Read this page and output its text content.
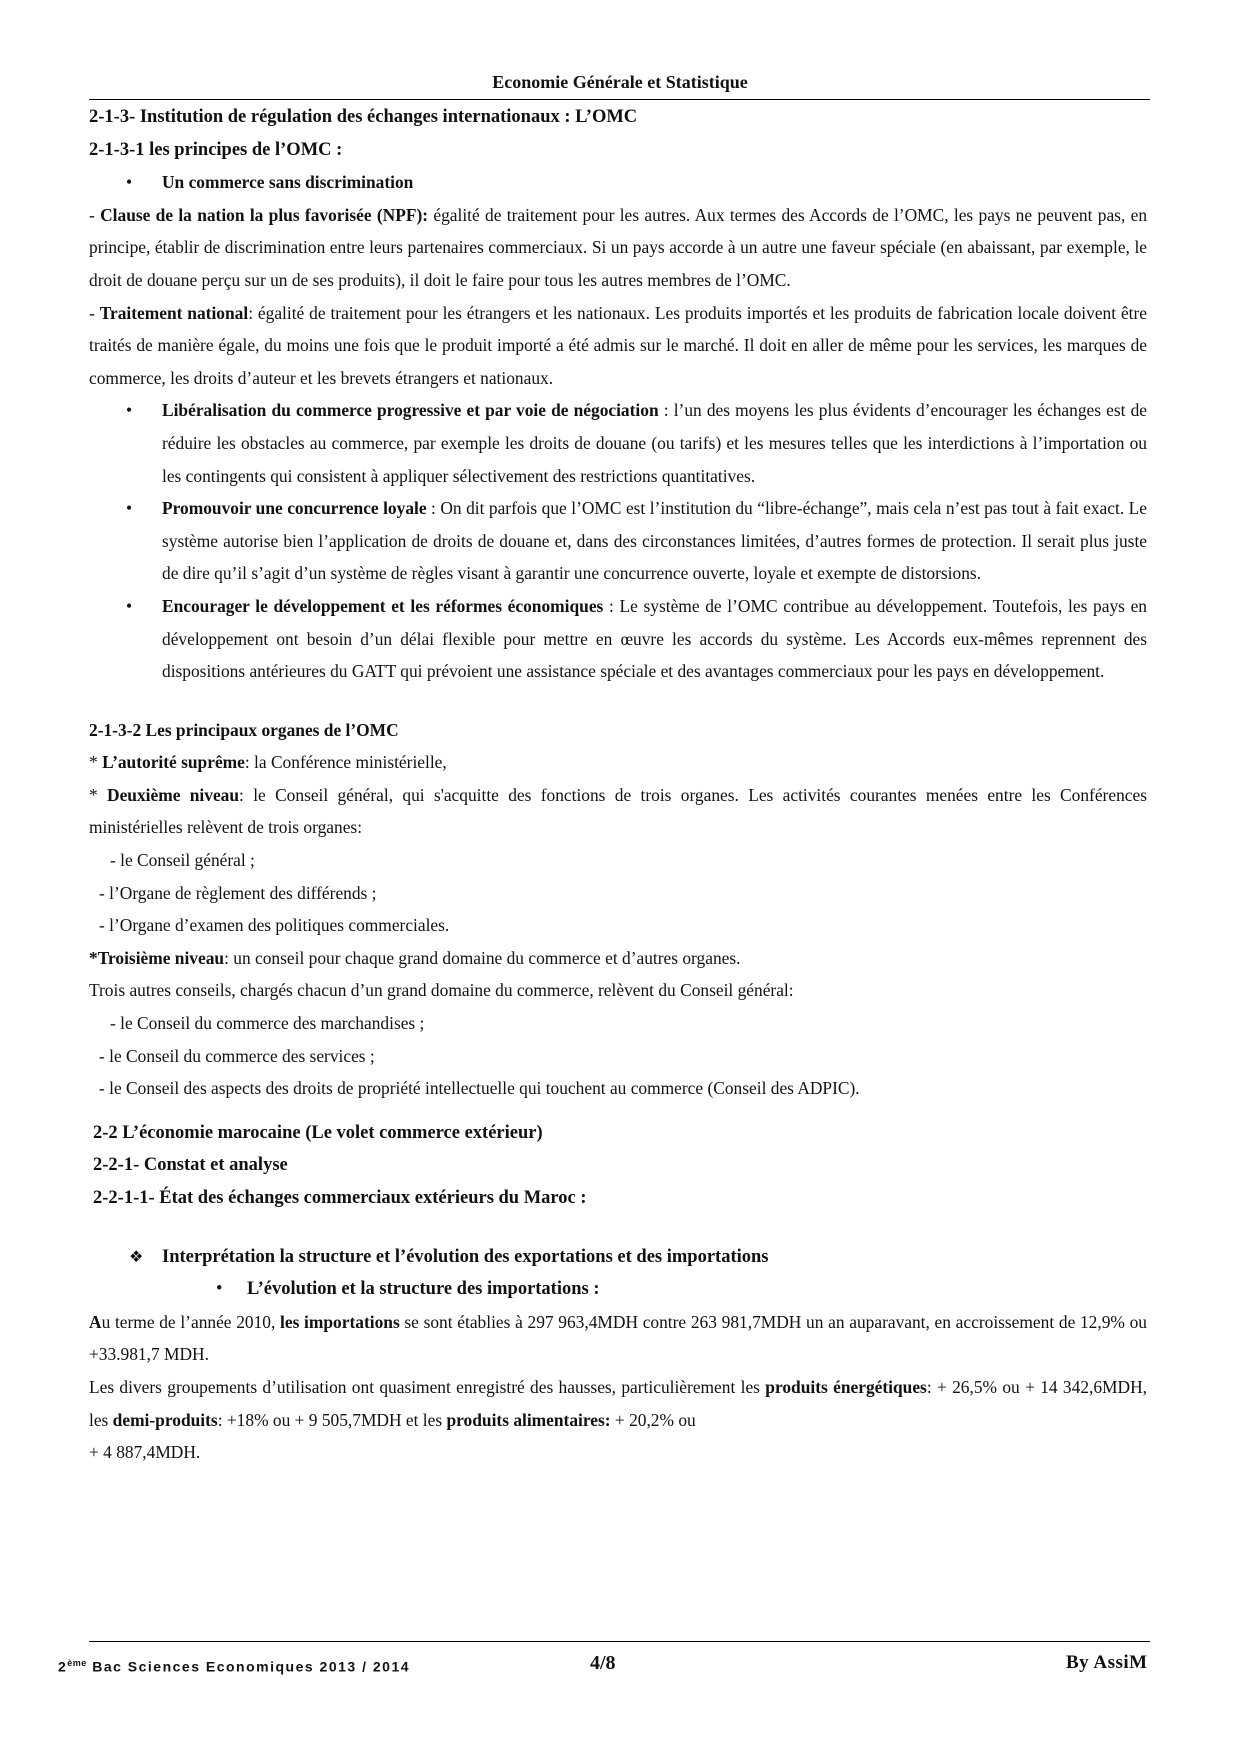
Economie Générale et Statistique

2-1-3- Institution de régulation des échanges internationaux : L’OMC

2-1-3-1 les principes de l’OMC :

• Un commerce sans discrimination

- Clause de la nation la plus favorisée (NPF): égalité de traitement pour les autres. Aux termes des Accords de l’OMC, les pays ne peuvent pas, en principe, établir de discrimination entre leurs partenaires commerciaux. Si un pays accorde à un autre une faveur spéciale (en abaissant, par exemple, le droit de douane perçu sur un de ses produits), il doit le faire pour tous les autres membres de l’OMC.

- Traitement national: égalité de traitement pour les étrangers et les nationaux. Les produits importés et les produits de fabrication locale doivent être traités de manière égale, du moins une fois que le produit importé a été admis sur le marché. Il doit en aller de même pour les services, les marques de commerce, les droits d’auteur et les brevets étrangers et nationaux.

• Libéralisation du commerce progressive et par voie de négociation : l’un des moyens les plus évidents d’encourager les échanges est de réduire les obstacles au commerce, par exemple les droits de douane (ou tarifs) et les mesures telles que les interdictions à l’importation ou les contingents qui consistent à appliquer sélectivement des restrictions quantitatives.

• Promouvoir une concurrence loyale : On dit parfois que l’OMC est l’institution du “libre-échange”, mais cela n’est pas tout à fait exact. Le système autorise bien l’application de droits de douane et, dans des circonstances limitées, d’autres formes de protection. Il serait plus juste de dire qu’il s’agit d’un système de règles visant à garantir une concurrence ouverte, loyale et exempte de distorsions.

• Encourager le développement et les réformes économiques : Le système de l’OMC contribue au développement. Toutefois, les pays en développement ont besoin d’un délai flexible pour mettre en œuvre les accords du système. Les Accords eux-mêmes reprennent des dispositions antérieures du GATT qui prévoient une assistance spéciale et des avantages commerciaux pour les pays en développement.

2-1-3-2 Les principaux organes de l’OMC

* L’autorité suprême: la Conférence ministérielle,

* Deuxième niveau: le Conseil général, qui s'acquitte des fonctions de trois organes. Les activités courantes menées entre les Conférences ministérielles relèvent de trois organes:

- le Conseil général ;

- l’Organe de règlement des différends ;

- l’Organe d’examen des politiques commerciales.

*Troisième niveau: un conseil pour chaque grand domaine du commerce et d’autres organes.

Trois autres conseils, chargés chacun d’un grand domaine du commerce, relèvent du Conseil général:

- le Conseil du commerce des marchandises ;

- le Conseil du commerce des services ;

- le Conseil des aspects des droits de propriété intellectuelle qui touchent au commerce (Conseil des ADPIC).

2-2 L’économie marocaine (Le volet commerce extérieur)

2-2-1- Constat et analyse

2-2-1-1- État des échanges commerciaux extérieurs du Maroc :

❖ Interprétation la structure et l’évolution des exportations et des importations

• L’évolution et la structure des importations :

Au terme de l’année 2010, les importations se sont établies à 297 963,4MDH contre 263 981,7MDH un an auparavant, en accroissement de 12,9% ou +33.981,7 MDH.

Les divers groupements d’utilisation ont quasiment enregistré des hausses, particulièrement les produits énergétiques: + 26,5% ou + 14 342,6MDH, les demi-produits: +18% ou + 9 505,7MDH et les produits alimentaires: + 20,2% ou

+ 4 887,4MDH.

2ème Bac Sciences Economiques 2013 / 2014	4/8	By AssiM
